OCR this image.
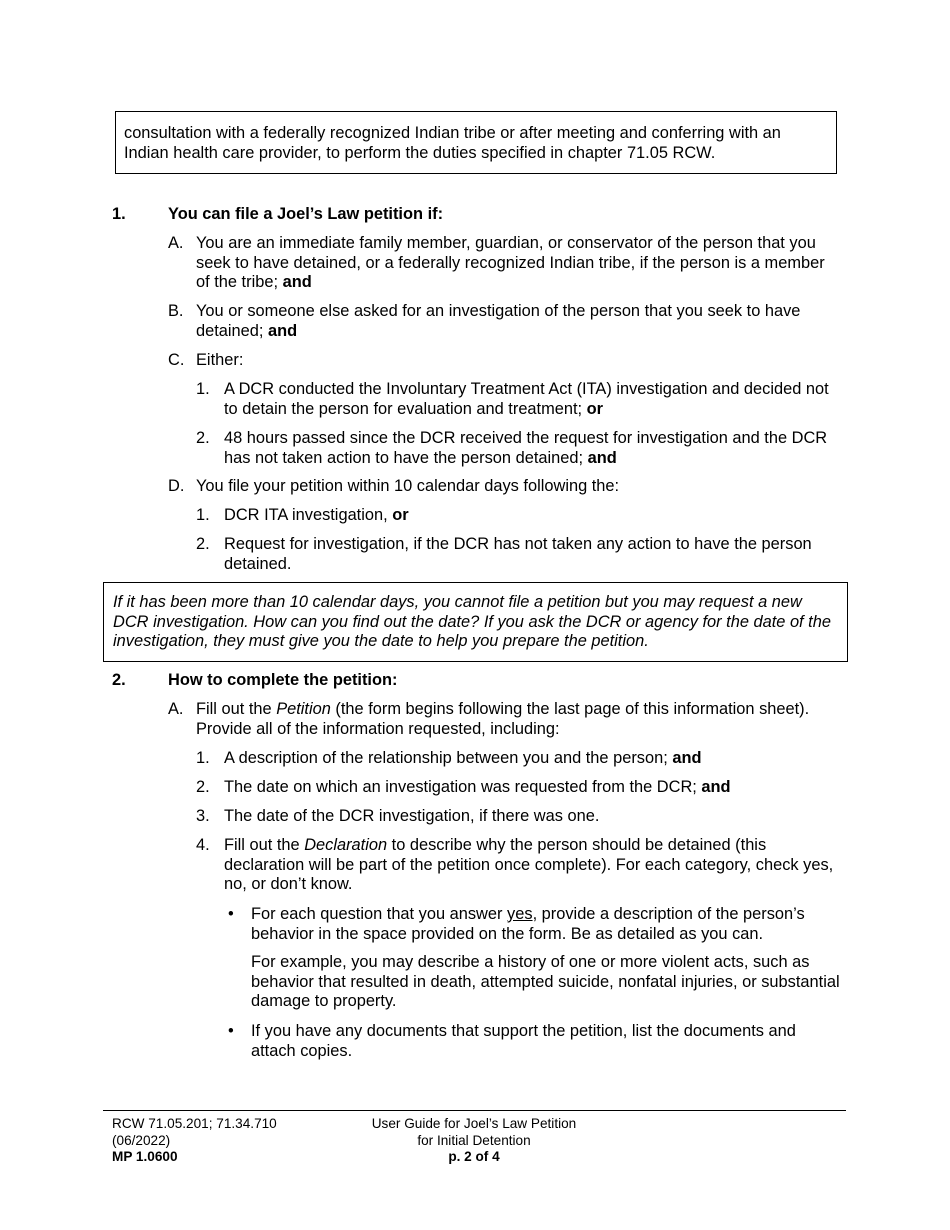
consultation with a federally recognized Indian tribe or after meeting and conferring with an Indian health care provider, to perform the duties specified in chapter 71.05 RCW.
1.	You can file a Joel’s Law petition if:
A. You are an immediate family member, guardian, or conservator of the person that you seek to have detained, or a federally recognized Indian tribe, if the person is a member of the tribe; and
B. You or someone else asked for an investigation of the person that you seek to have detained; and
C. Either:
1. A DCR conducted the Involuntary Treatment Act (ITA) investigation and decided not to detain the person for evaluation and treatment; or
2. 48 hours passed since the DCR received the request for investigation and the DCR has not taken action to have the person detained; and
D. You file your petition within 10 calendar days following the:
1. DCR ITA investigation, or
2. Request for investigation, if the DCR has not taken any action to have the person detained.
If it has been more than 10 calendar days, you cannot file a petition but you may request a new DCR investigation. How can you find out the date? If you ask the DCR or agency for the date of the investigation, they must give you the date to help you prepare the petition.
2.	How to complete the petition:
A. Fill out the Petition (the form begins following the last page of this information sheet). Provide all of the information requested, including:
1. A description of the relationship between you and the person; and
2. The date on which an investigation was requested from the DCR; and
3. The date of the DCR investigation, if there was one.
4. Fill out the Declaration to describe why the person should be detained (this declaration will be part of the petition once complete). For each category, check yes, no, or don’t know.
• For each question that you answer yes, provide a description of the person’s behavior in the space provided on the form. Be as detailed as you can.
For example, you may describe a history of one or more violent acts, such as behavior that resulted in death, attempted suicide, nonfatal injuries, or substantial damage to property.
• If you have any documents that support the petition, list the documents and attach copies.
RCW 71.05.201; 71.34.710
(06/2022)
MP 1.0600
User Guide for Joel’s Law Petition
for Initial Detention
p. 2 of 4
